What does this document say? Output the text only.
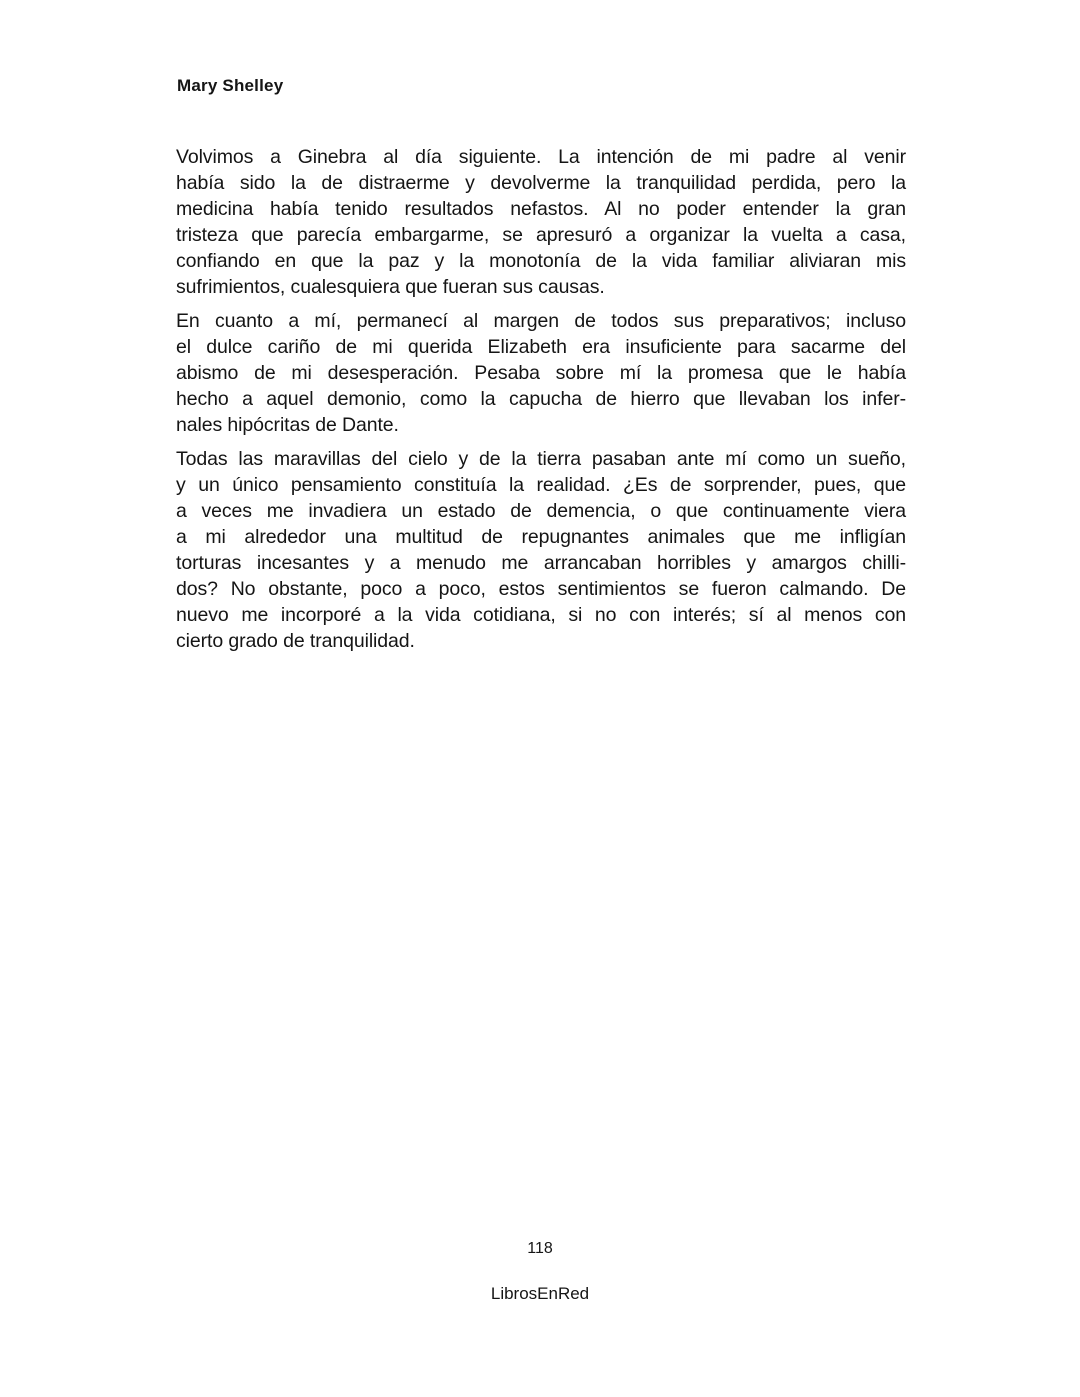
Mary Shelley
Volvimos a Ginebra al día siguiente. La intención de mi padre al venir
había sido la de distraerme y devolverme la tranquilidad perdida, pero la
medicina había tenido resultados nefastos. Al no poder entender la gran
tristeza que parecía embargarme, se apresuró a organizar la vuelta a casa,
confiando en que la paz y la monotonía de la vida familiar aliviaran mis
sufrimientos, cualesquiera que fueran sus causas.
En cuanto a mí, permanecí al margen de todos sus preparativos; incluso
el dulce cariño de mi querida Elizabeth era insuficiente para sacarme del
abismo de mi desesperación. Pesaba sobre mí la promesa que le había
hecho a aquel demonio, como la capucha de hierro que llevaban los infer-
nales hipócritas de Dante.
Todas las maravillas del cielo y de la tierra pasaban ante mí como un sueño,
y un único pensamiento constituía la realidad. ¿Es de sorprender, pues, que
a veces me invadiera un estado de demencia, o que continuamente viera
a mi alrededor una multitud de repugnantes animales que me infligían
torturas incesantes y a menudo me arrancaban horribles y amargos chilli-
dos? No obstante, poco a poco, estos sentimientos se fueron calmando. De
nuevo me incorporé a la vida cotidiana, si no con interés; sí al menos con
cierto grado de tranquilidad.
118
LibrosEnRed
